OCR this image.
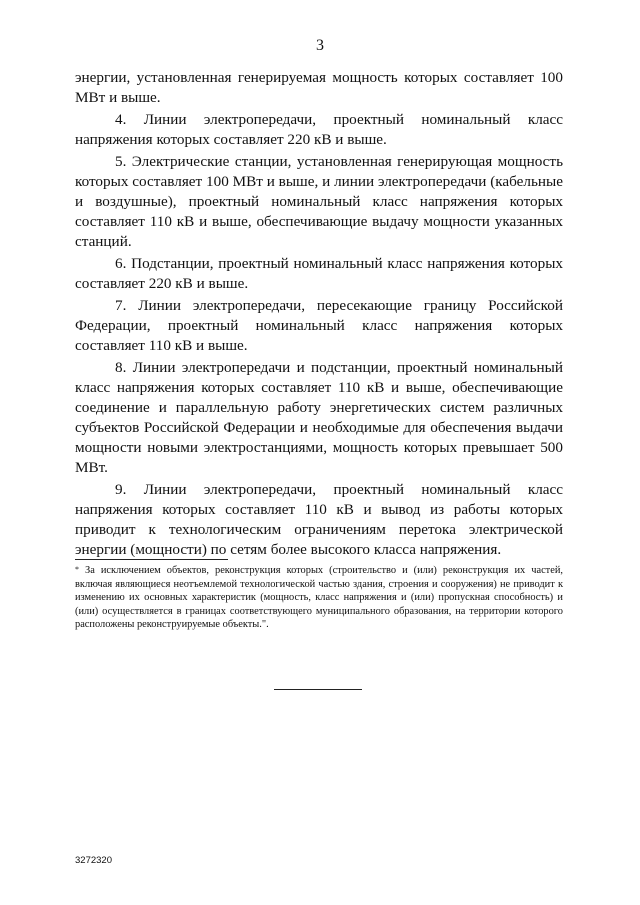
3

энергии, установленная генерируемая мощность которых составляет 100 МВт и выше.

4. Линии электропередачи, проектный номинальный класс напряжения которых составляет 220 кВ и выше.

5. Электрические станции, установленная генерирующая мощность которых составляет 100 МВт и выше, и линии электропередачи (кабельные и воздушные), проектный номинальный класс напряжения которых составляет 110 кВ и выше, обеспечивающие выдачу мощности указанных станций.

6. Подстанции, проектный номинальный класс напряжения которых составляет 220 кВ и выше.

7. Линии электропередачи, пересекающие границу Российской Федерации, проектный номинальный класс напряжения которых составляет 110 кВ и выше.

8. Линии электропередачи и подстанции, проектный номинальный класс напряжения которых составляет 110 кВ и выше, обеспечивающие соединение и параллельную работу энергетических систем различных субъектов Российской Федерации и необходимые для обеспечения выдачи мощности новыми электростанциями, мощность которых превышает 500 МВт.

9. Линии электропередачи, проектный номинальный класс напряжения которых составляет 110 кВ и вывод из работы которых приводит к технологическим ограничениям перетока электрической энергии (мощности) по сетям более высокого класса напряжения.

* За исключением объектов, реконструкция которых (строительство и (или) реконструкция их частей, включая являющиеся неотъемлемой технологической частью здания, строения и сооружения) не приводит к изменению их основных характеристик (мощность, класс напряжения и (или) пропускная способность) и (или) осуществляется в границах соответствующего муниципального образования, на территории которого расположены реконструируемые объекты.".
3272320
